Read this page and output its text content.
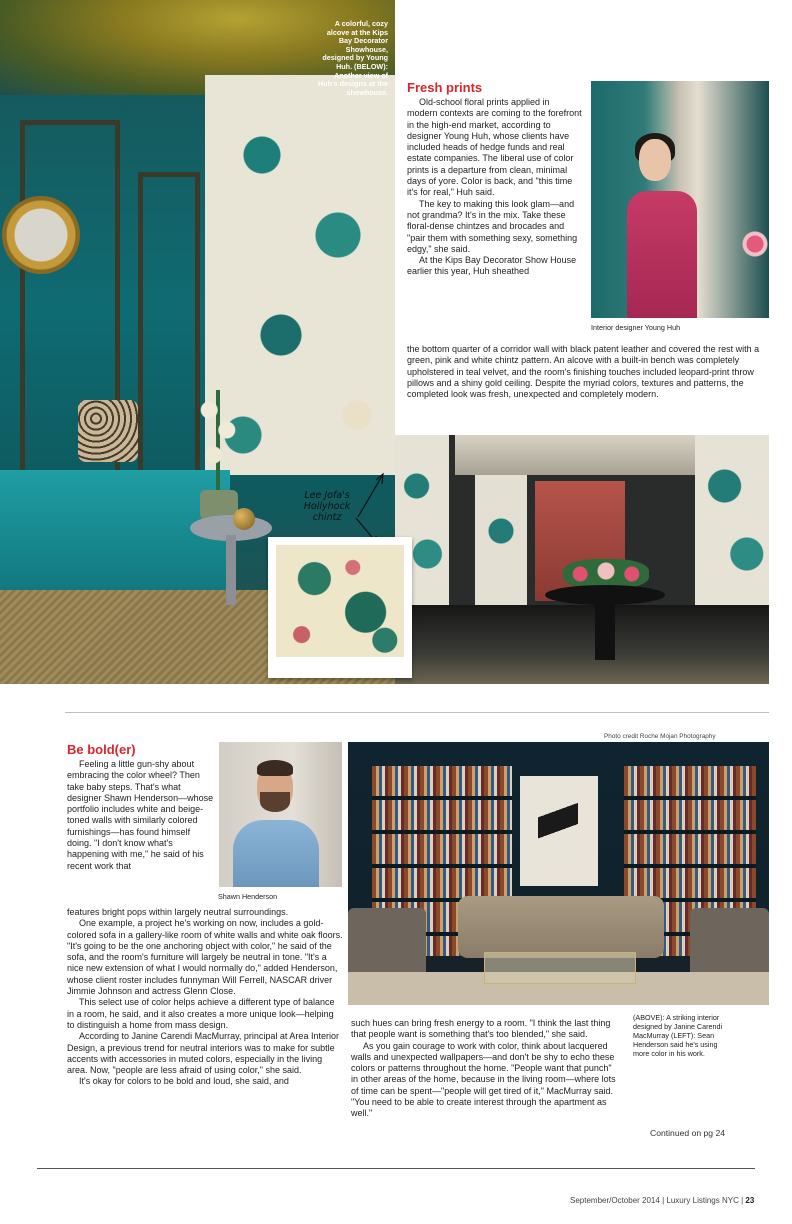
A colorful, cozy alcove at the Kips Bay Decorator Showhouse, designed by Young Huh. (BELOW): Another view of Huh's designs at the showhouse. Fresh prints

Old-school floral prints applied in modern contexts are coming to the forefront in the high-end market, according to designer Young Huh, whose clients have included heads of hedge funds and real estate companies. The liberal use of color prints is a departure from clean, minimal days of yore. Color is back, and "this time it's for real," Huh said.

The key to making this look glam—and not grandma? It's in the mix. Take these floral-dense chintzes and brocades and "pair them with something sexy, something edgy," she said.

At the Kips Bay Decorator Show House earlier this year, Huh sheathed

the bottom quarter of a corridor wall with black patent leather and covered the rest with a green, pink and white chintz pattern. An alcove with a built-in bench was completely upholstered in teal velvet, and the room's finishing touches included leopard-print throw pillows and a shiny gold ceiling. Despite the myriad colors, textures and patterns, the completed look was fresh, unexpected and completely modern.

Interior designer Young Huh

Lee Jofa's Hollyhock chintz

Photo credit Roche Mojan Photography

Be bold(er)

Feeling a little gun-shy about embracing the color wheel? Then take baby steps. That's what designer Shawn Henderson—whose portfolio includes white and beige-toned walls with similarly colored furnishings—has found himself doing. "I don't know what's happening with me," he said of his recent work that

features bright pops within largely neutral surroundings.

One example, a project he's working on now, includes a gold-colored sofa in a gallery-like room of white walls and white oak floors. "It's going to be the one anchoring object with color," he said of the sofa, and the room's furniture will largely be neutral in tone. "It's a nice new extension of what I would normally do," added Henderson, whose client roster includes funnyman Will Ferrell, NASCAR driver Jimmie Johnson and actress Glenn Close.

This select use of color helps achieve a different type of balance in a room, he said, and it also creates a more unique look—helping to distinguish a home from mass design.

According to Janine Carendi MacMurray, principal at Area Interior Design, a previous trend for neutral interiors was to make for subtle accents with accessories in muted colors, especially in the living area. Now, "people are less afraid of using color," she said.

It's okay for colors to be bold and loud, she said, and

Shawn Henderson

such hues can bring fresh energy to a room. "I think the last thing that people want is something that's too blended," she said.

As you gain courage to work with color, think about lacquered walls and unexpected wallpapers—and don't be shy to echo these colors or patterns throughout the home. "People want that punch" in other areas of the home, because in the living room—where lots of time can be spent—"people will get tired of it," MacMurray said. "You need to be able to create interest through the apartment as well."

(ABOVE): A striking interior designed by Janine Carendi MacMurray (LEFT): Sean Henderson said he's using more color in his work.

Continued on pg 24

September/October 2014 | Luxury Listings NYC | 23
